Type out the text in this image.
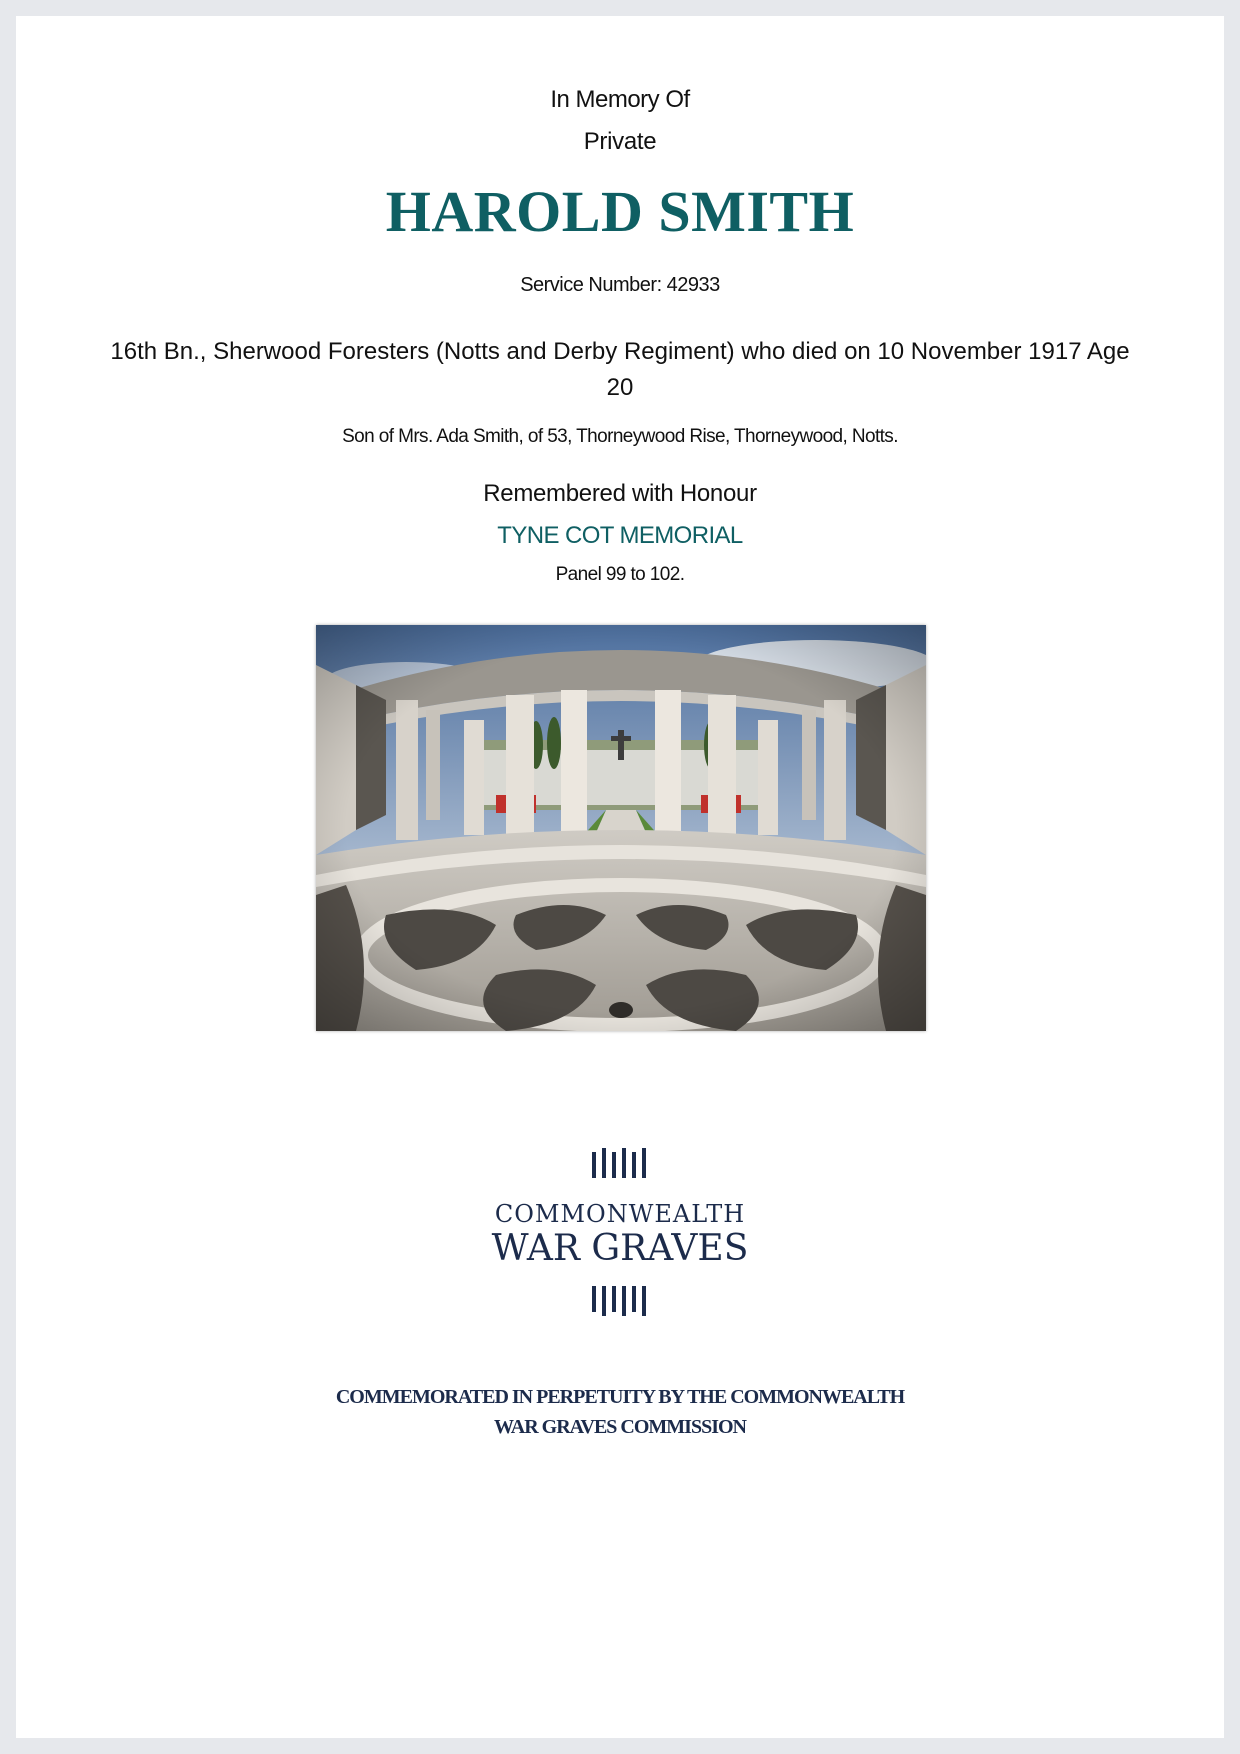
In Memory Of
Private
HAROLD SMITH
Service Number: 42933
16th Bn., Sherwood Foresters (Notts and Derby Regiment) who died on 10 November 1917 Age 20
Son of Mrs. Ada Smith, of 53, Thorneywood Rise, Thorneywood, Notts.
Remembered with Honour
TYNE COT MEMORIAL
Panel 99 to 102.
COMMONWEALTH
WAR GRAVES
COMMEMORATED IN PERPETUITY BY THE COMMONWEALTH
WAR GRAVES COMMISSION
